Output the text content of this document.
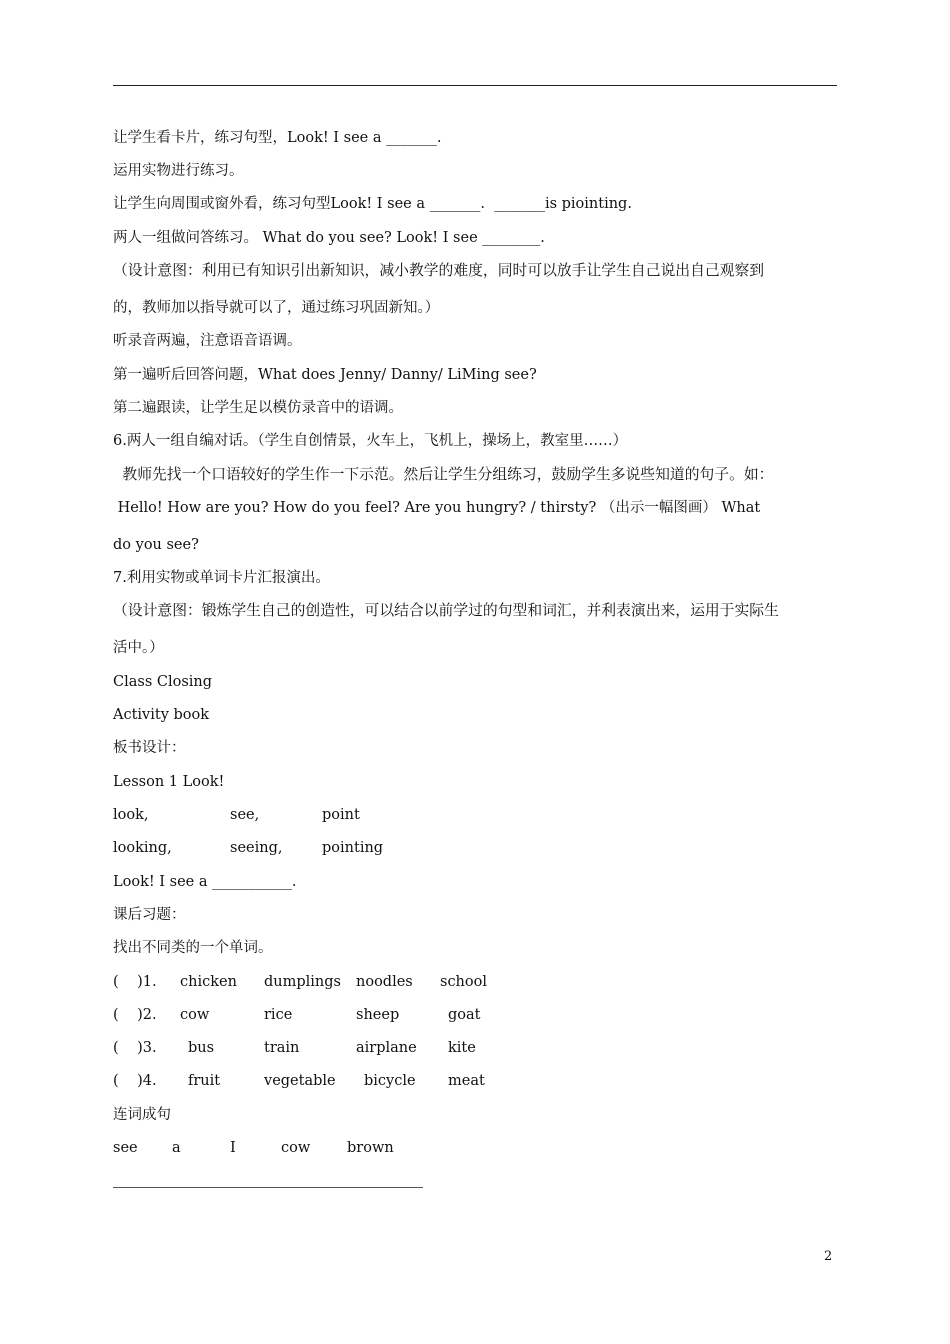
让学生看卡片，练习句型，Look! I see a _______.
运用实物进行练习。
让学生向周围或窗外看，练习句型Look! I see a _______.  _______is piointing.
两人一组做问答练习。 What do you see? Look! I see ________.
（设计意图：利用已有知识引出新知识，减小教学的难度，同时可以放手让学生自己说出自己观察到
的，教师加以指导就可以了，通过练习巩固新知。）
听录音两遍，注意语音语调。
第一遍听后回答问题，What does Jenny/ Danny/ LiMing see?
第二遍跟读，让学生足以模仿录音中的语调。
6.两人一组自编对话。（学生自创情景，火车上，飞机上，操场上，教室里……）
教师先找一个口语较好的学生作一下示范。然后让学生分组练习，鼓励学生多说些知道的句子。如：
Hello! How are you? How do you feel? Are you hungry? / thirsty? （出示一幅图画） What
do you see?
7.利用实物或单词卡片汇报演出。
（设计意图：锻炼学生自己的创造性，可以结合以前学过的句型和词汇，并利表演出来，运用于实际生
活中。）
Class Closing
Activity book
板书设计：
Lesson 1 Look!
look,	see,	point
looking,	seeing,	pointing
Look! I see a ___________.
课后习题：
找出不同类的一个单词。
(    )1. chicken dumplings noodles school
(    )2. cow	rice	sheep	goat
(    )3. bus	train	airplane kite
(    )4. fruit	vegetable bicycle meat
连词成句
see a	I	cow	brown
2
